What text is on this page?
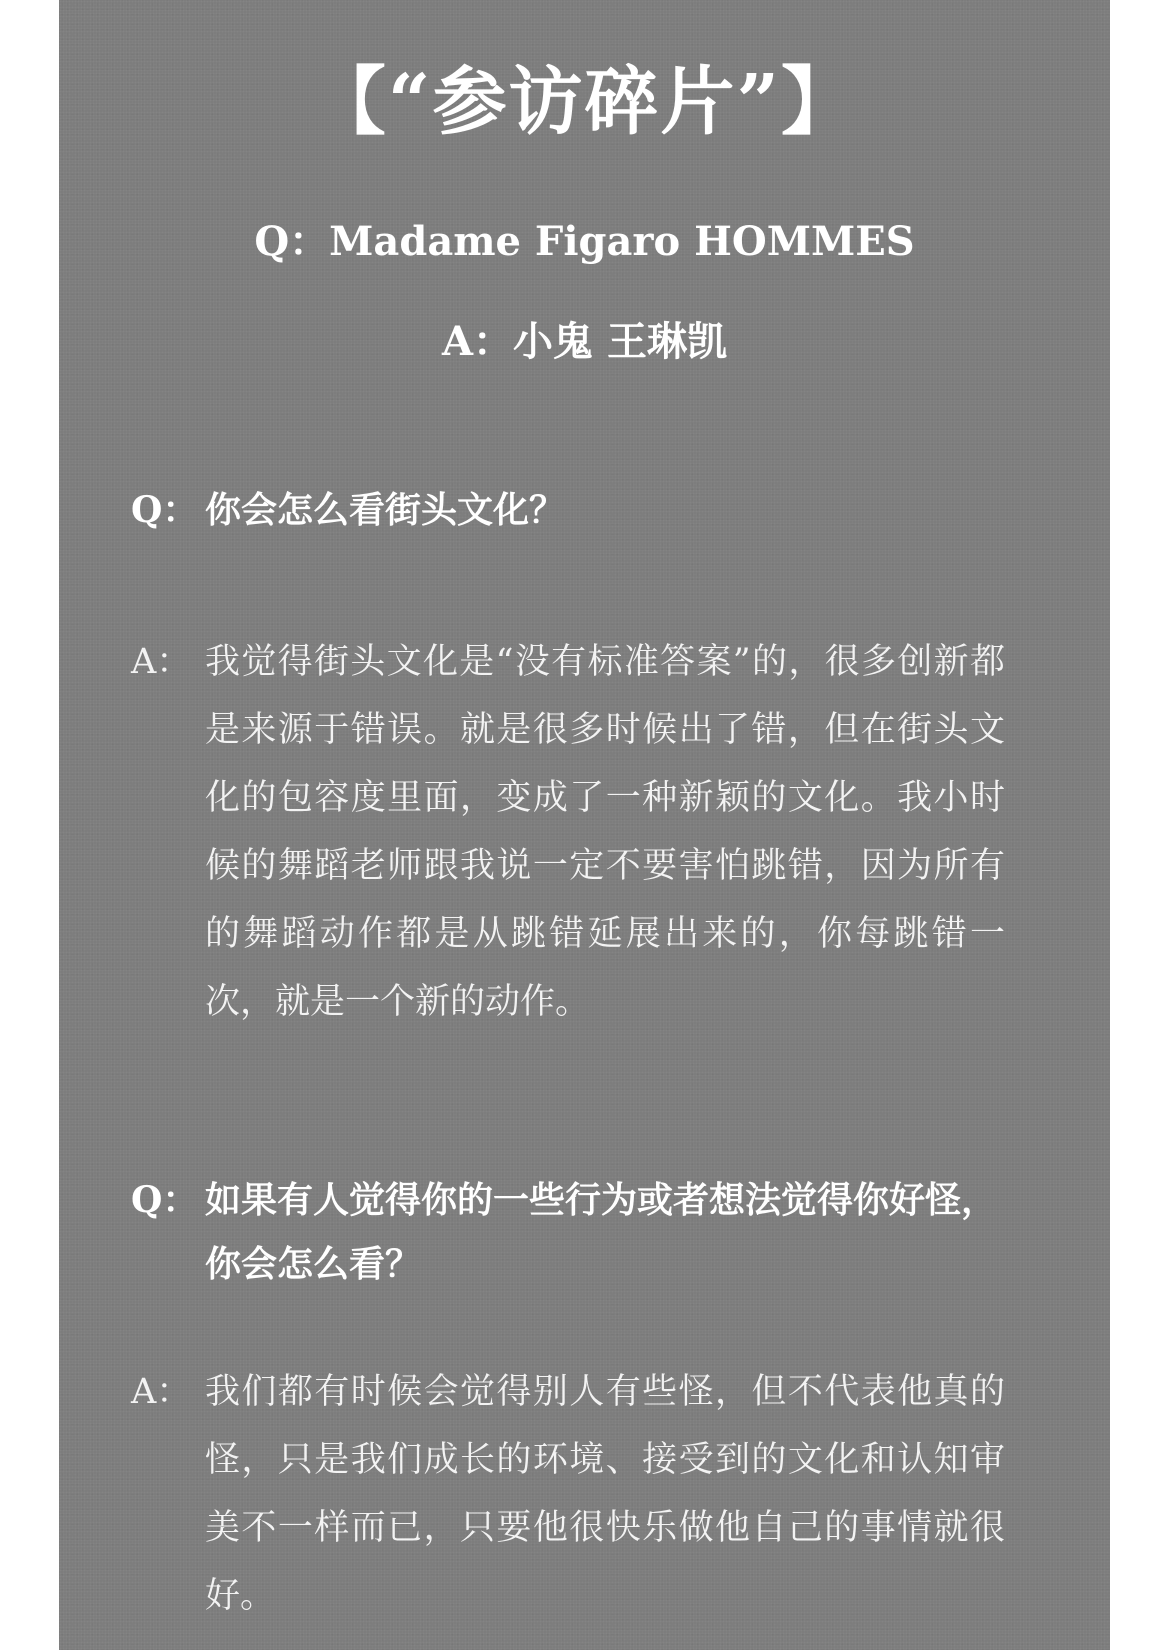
【“参访碎片”】
Q：Madame Figaro HOMMES
A：小鬼 王琳凯
Q： 你会怎么看街头文化？
A： 我觉得街头文化是“没有标准答案”的，很多创新都是来源于错误。就是很多时候出了错，但在街头文化的包容度里面，变成了一种新颖的文化。我小时候的舞蹈老师跟我说一定不要害怕跳错，因为所有的舞蹈动作都是从跳错延展出来的，你每跳错一次，就是一个新的动作。
Q： 如果有人觉得你的一些行为或者想法觉得你好怪，你会怎么看？
A： 我们都有时候会觉得别人有些怪，但不代表他真的怪，只是我们成长的环境、接受到的文化和认知审美不一样而已，只要他很快乐做他自己的事情就很好。
